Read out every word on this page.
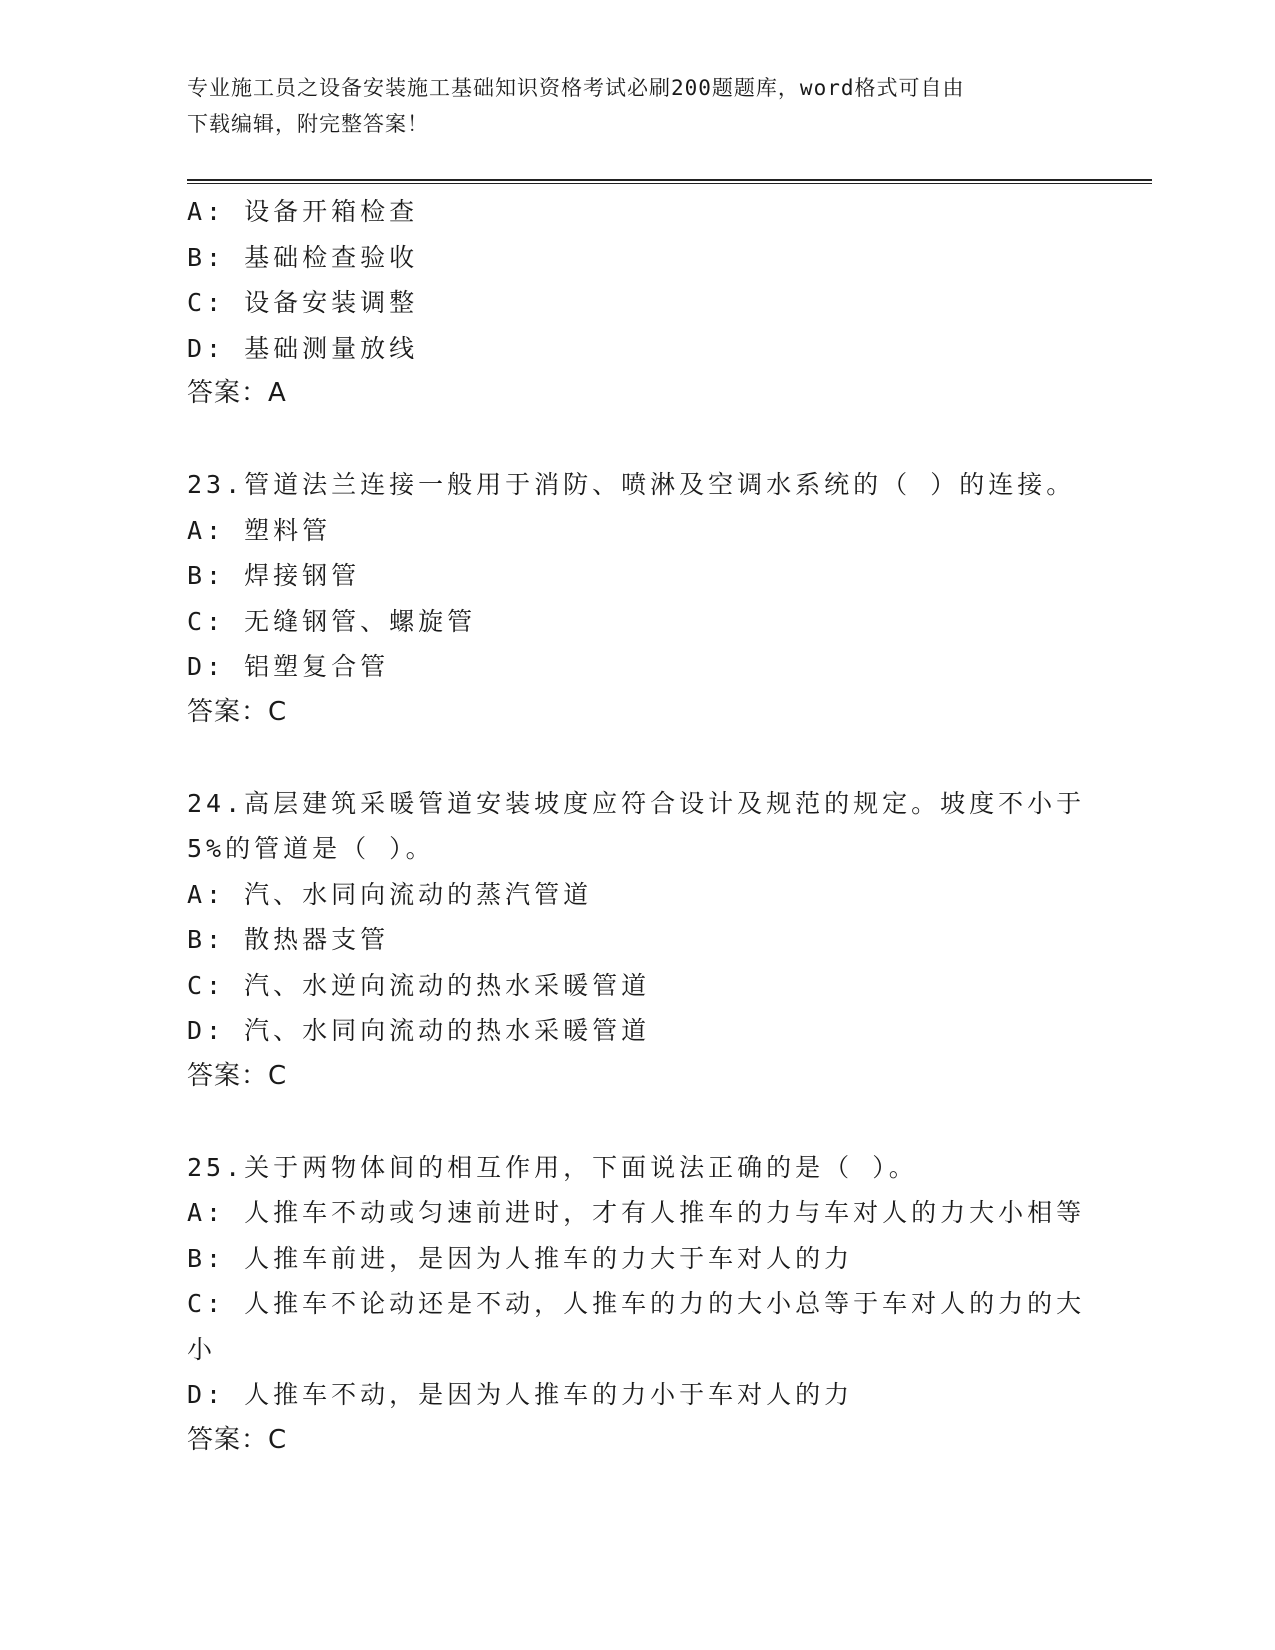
专业施工员之设备安装施工基础知识资格考试必刷200题题库，word格式可自由
下载编辑，附完整答案！

A: 设备开箱检查

B: 基础检查验收

C: 设备安装调整

D: 基础测量放线

答案：A

23.管道法兰连接一般用于消防、喷淋及空调水系统的（ ）的连接。

A: 塑料管

B: 焊接钢管

C: 无缝钢管、螺旋管

D: 铝塑复合管

答案：C

24.高层建筑采暖管道安装坡度应符合设计及规范的规定。坡度不小于

5%的管道是（ ）。

A: 汽、水同向流动的蒸汽管道

B: 散热器支管

C: 汽、水逆向流动的热水采暖管道

D: 汽、水同向流动的热水采暖管道

答案：C

25.关于两物体间的相互作用，下面说法正确的是（ ）。

A: 人推车不动或匀速前进时，才有人推车的力与车对人的力大小相等

B: 人推车前进，是因为人推车的力大于车对人的力

C: 人推车不论动还是不动，人推车的力的大小总等于车对人的力的大

小

D: 人推车不动，是因为人推车的力小于车对人的力

答案：C
